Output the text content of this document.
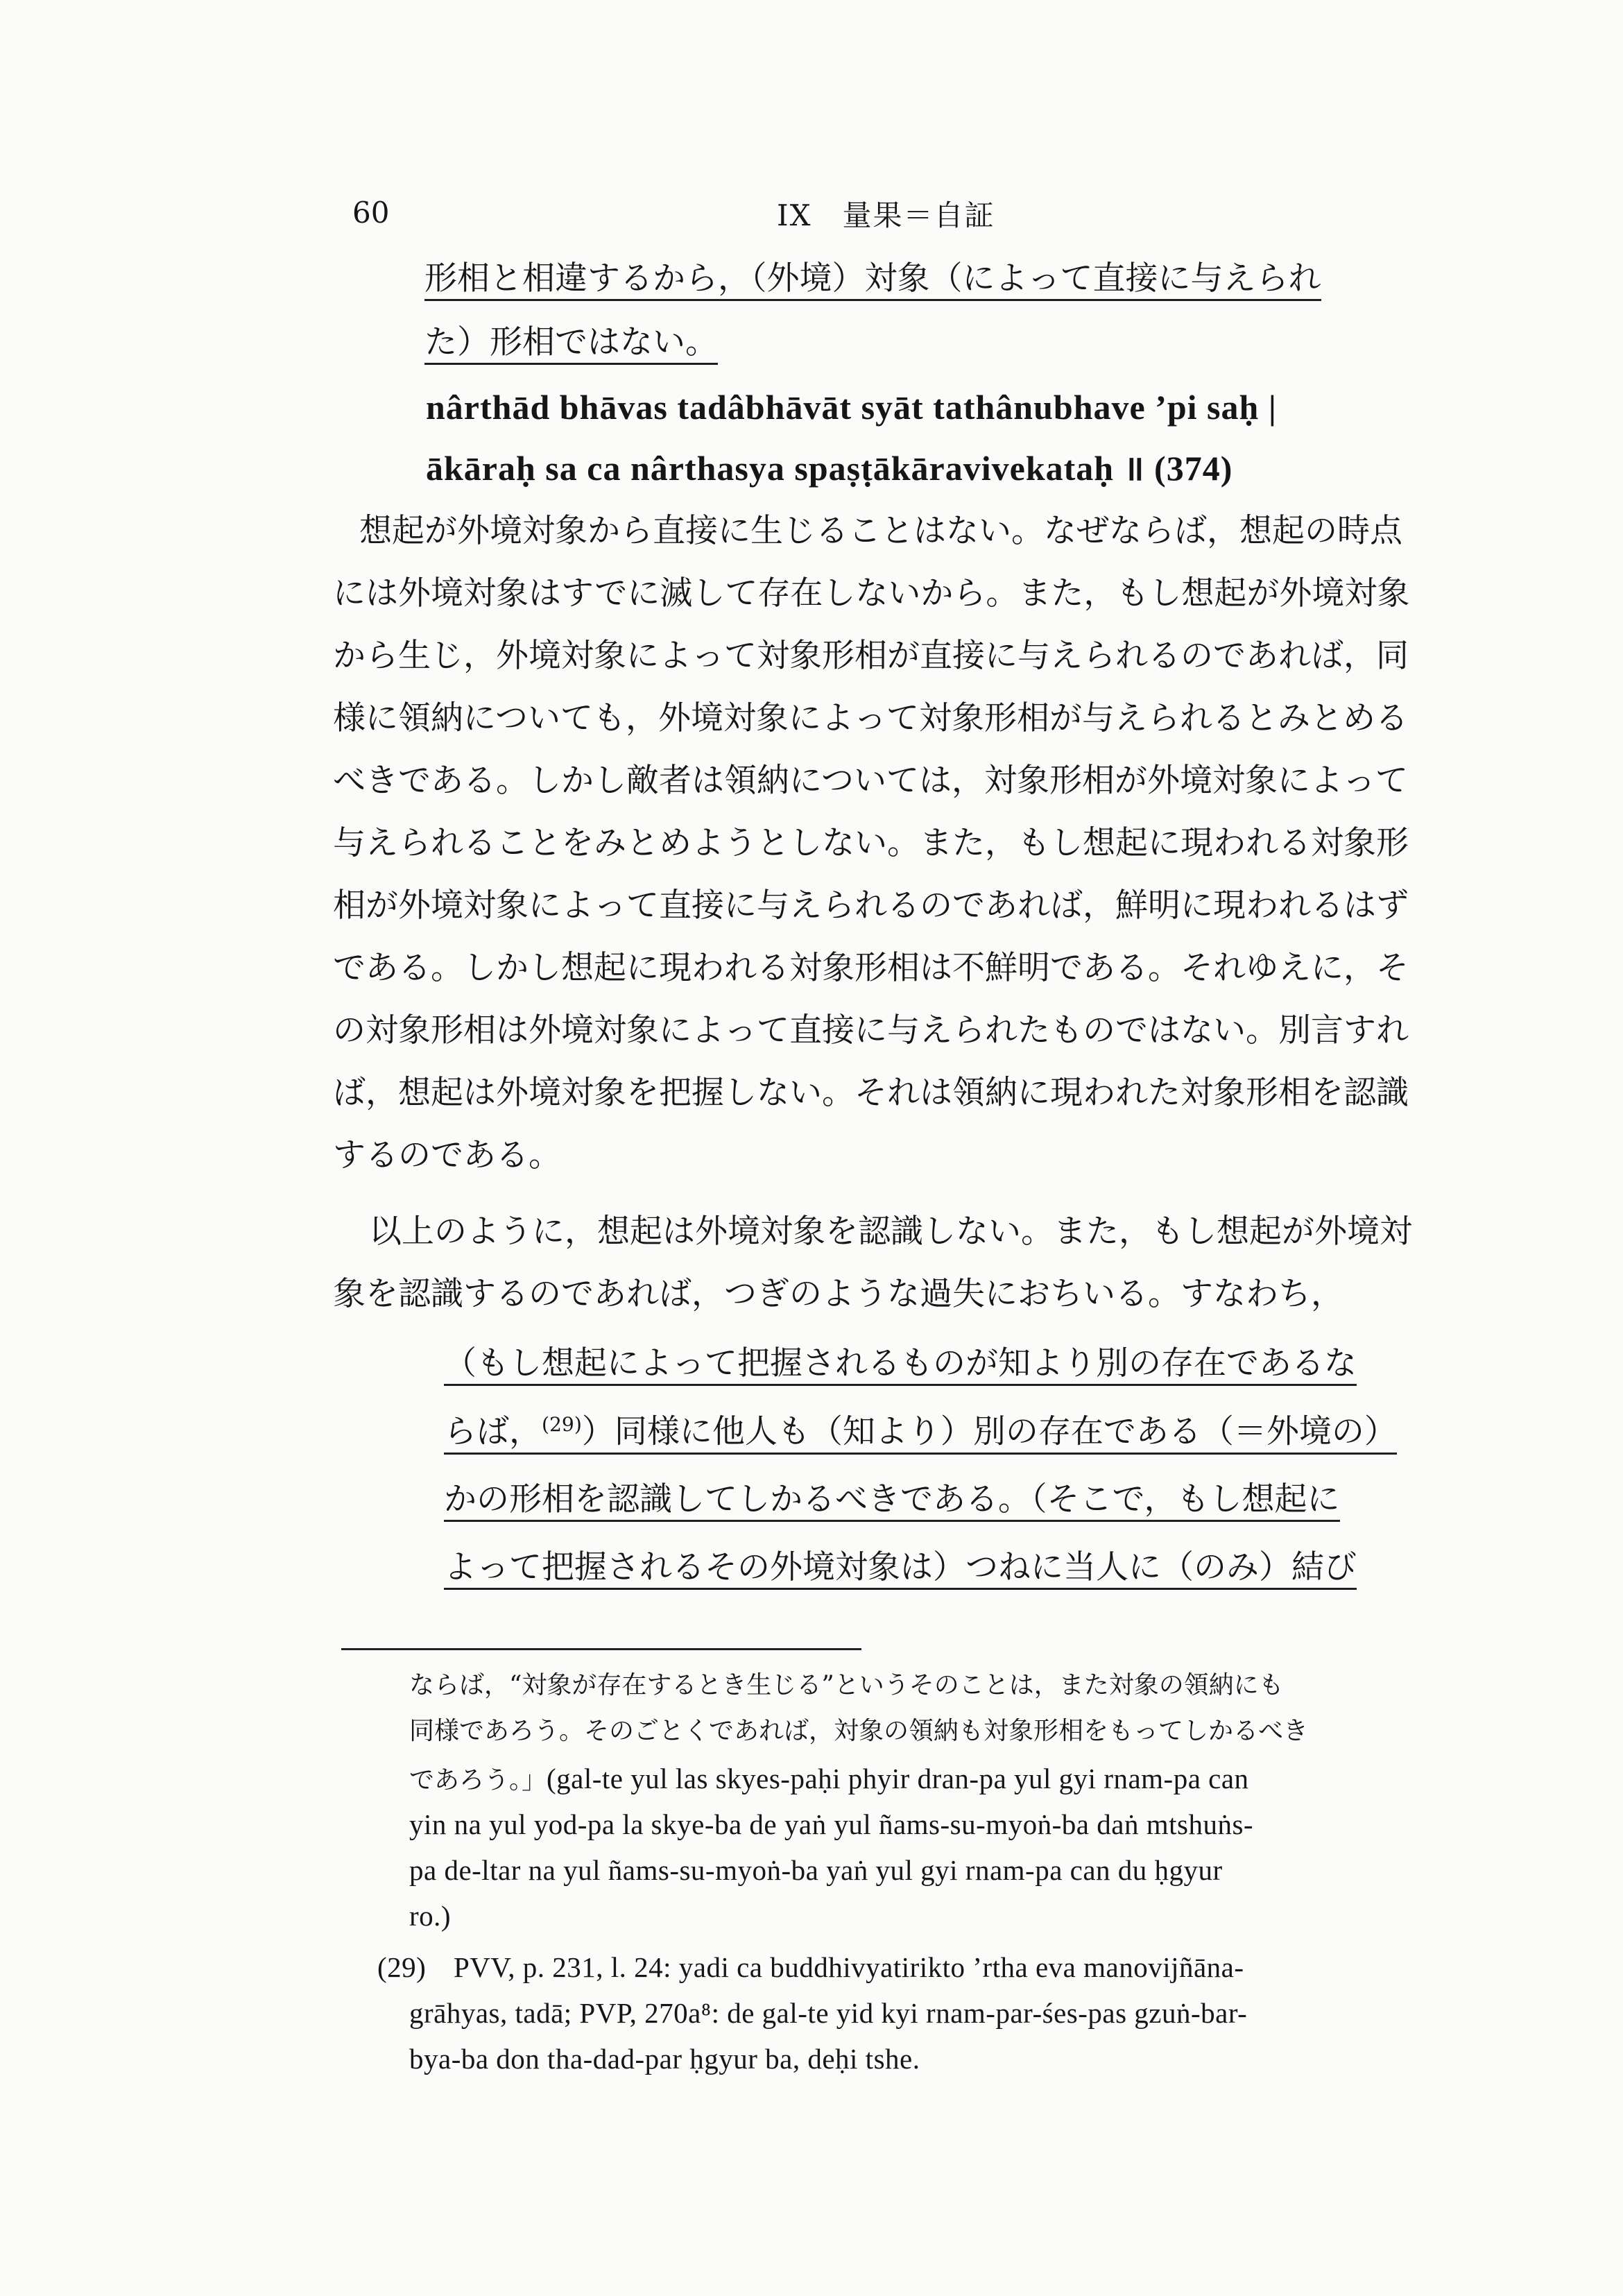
60	IX　量果＝自証
形相と相違するから，（外境）対象（によって直接に与えられ
た）形相ではない。
nârthād bhāvas tadâbhāvāt syāt tathânubhave ’pi saḥ |
ākāraḥ sa ca nârthasya spaṣṭākāravivekataḥ ॥ (374)
想起が外境対象から直接に生じることはない。なぜならば，想起の時点
には外境対象はすでに滅して存在しないから。また，もし想起が外境対象
から生じ，外境対象によって対象形相が直接に与えられるのであれば，同
様に領納についても，外境対象によって対象形相が与えられるとみとめる
べきである。しかし敵者は領納については，対象形相が外境対象によって
与えられることをみとめようとしない。また，もし想起に現われる対象形
相が外境対象によって直接に与えられるのであれば，鮮明に現われるはず
である。しかし想起に現われる対象形相は不鮮明である。それゆえに，そ
の対象形相は外境対象によって直接に与えられたものではない。別言すれ
ば，想起は外境対象を把握しない。それは領納に現われた対象形相を認識
するのである。
以上のように，想起は外境対象を認識しない。また，もし想起が外境対
象を認識するのであれば，つぎのような過失におちいる。すなわち，
（もし想起によって把握されるものが知より別の存在であるな
らば，$^{(29)}$）同様に他人も（知より）別の存在である（＝外境の）
かの形相を認識してしかるべきである。（そこで，もし想起に
よって把握されるその外境対象は）つねに当人に（のみ）結び
ならば，“対象が存在するとき生じる”というそのことは，また対象の領納にも
同様であろう。そのごとくであれば，対象の領納も対象形相をもってしかるべき
であろう。」(gal-te yul las skyes-paḥi phyir dran-pa yul gyi rnam-pa can
yin na yul yod-pa la skye-ba de yaṅ yul ñams-su-myoṅ-ba daṅ mtshuṅs-
pa de-ltar na yul ñams-su-myoṅ-ba yaṅ yul gyi rnam-pa can du ḥgyur
ro.)
(29) PVV, p. 231, l. 24: yadi ca buddhivyatirikto ’rtha eva manovijñāna-
grāhyas, tadā; PVP, 270a⁸: de gal-te yid kyi rnam-par-śes-pas gzuṅ-bar-
bya-ba don tha-dad-par ḥgyur ba, deḥi tshe.
